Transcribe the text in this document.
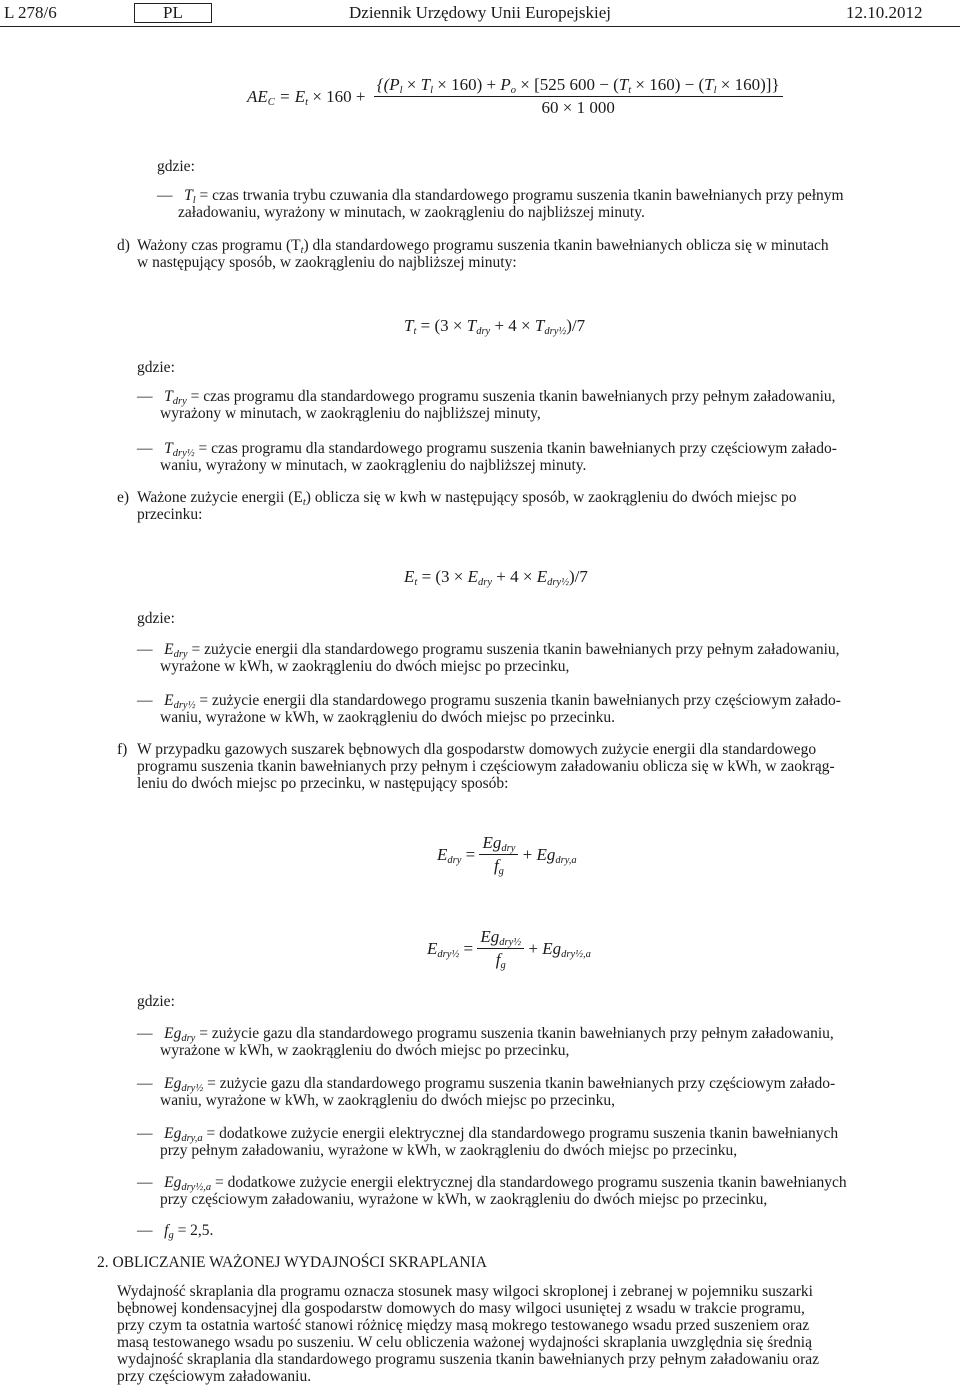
L 278/6	PL	Dziennik Urzędowy Unii Europejskiej	12.10.2012
$AE_C = E_t \times 160 + \frac{\{(P_l \times T_l \times 160) + P_o \times [525 600 - (T_t \times 160) - (T_l \times 160)]\}}{60 \times 1 000}$
gdzie:
—   $T_l$ = czas trwania trybu czuwania dla standardowego programu suszenia tkanin bawełnianych przy pełnym
załadowaniu, wyrażony w minutach, w zaokrągleniu do najbliższej minuty.
d) Ważony czas programu $(T_t)$ dla standardowego programu suszenia tkanin bawełnianych oblicza się w minutach
w następujący sposób, w zaokrągleniu do najbliższej minuty:
$T_t = (3 \times T_{dry} + 4 \times T_{dry\frac{1}{2}})/7$
gdzie:
—   $T_{dry}$ = czas programu dla standardowego programu suszenia tkanin bawełnianych przy pełnym załadowaniu,
wyrażony w minutach, w zaokrągleniu do najbliższej minuty,
—   $T_{dry\frac{1}{2}}$ = czas programu dla standardowego programu suszenia tkanin bawełnianych przy częściowym załado-
waniu, wyrażony w minutach, w zaokrągleniu do najbliższej minuty.
e) Ważone zużycie energii $(E_t)$ oblicza się w kwh w następujący sposób, w zaokrągleniu do dwóch miejsc po
przecinku:
$E_t = (3 \times E_{dry} + 4 \times E_{dry\frac{1}{2}})/7$
gdzie:
—   $E_{dry}$ = zużycie energii dla standardowego programu suszenia tkanin bawełnianych przy pełnym załadowaniu,
wyrażone w kWh, w zaokrągleniu do dwóch miejsc po przecinku,
—   $E_{dry\frac{1}{2}}$ = zużycie energii dla standardowego programu suszenia tkanin bawełnianych przy częściowym załado-
waniu, wyrażone w kWh, w zaokrągleniu do dwóch miejsc po przecinku.
f) W przypadku gazowych suszarek bębnowych dla gospodarstw domowych zużycie energii dla standardowego
programu suszenia tkanin bawełnianych przy pełnym i częściowym załadowaniu oblicza się w kWh, w zaokrąg-
leniu do dwóch miejsc po przecinku, w następujący sposób:
$E_{dry} = \frac{Eg_{dry}}{f_g} + Eg_{dry,a}$
$E_{dry\frac{1}{2}} = \frac{Eg_{dry\frac{1}{2}}}{f_g} + Eg_{dry\frac{1}{2},a}$
gdzie:
—   $Eg_{dry}$ = zużycie gazu dla standardowego programu suszenia tkanin bawełnianych przy pełnym załadowaniu,
wyrażone w kWh, w zaokrągleniu do dwóch miejsc po przecinku,
—   $Eg_{dry\frac{1}{2}}$ = zużycie gazu dla standardowego programu suszenia tkanin bawełnianych przy częściowym załado-
waniu, wyrażone w kWh, w zaokrągleniu do dwóch miejsc po przecinku,
—   $Eg_{dry,a}$ = dodatkowe zużycie energii elektrycznej dla standardowego programu suszenia tkanin bawełnianych
przy pełnym załadowaniu, wyrażone w kWh, w zaokrągleniu do dwóch miejsc po przecinku,
—   $Eg_{dry\frac{1}{2},a}$ = dodatkowe zużycie energii elektrycznej dla standardowego programu suszenia tkanin bawełnianych
przy częściowym załadowaniu, wyrażone w kWh, w zaokrągleniu do dwóch miejsc po przecinku,
—   $f_g = 2,5$.
2. OBLICZANIE WAŻONEJ WYDAJNOŚCI SKRAPLANIA
Wydajność skraplania dla programu oznacza stosunek masy wilgoci skroplonej i zebranej w pojemniku suszarki
bębnowej kondensacyjnej dla gospodarstw domowych do masy wilgoci usuniętej z wsadu w trakcie programu,
przy czym ta ostatnia wartość stanowi różnicę między masą mokrego testowanego wsadu przed suszeniem oraz
masą testowanego wsadu po suszeniu. W celu obliczenia ważonej wydajności skraplania uwzględnia się średnią
wydajność skraplania dla standardowego programu suszenia tkanin bawełnianych przy pełnym załadowaniu oraz
przy częściowym załadowaniu.
